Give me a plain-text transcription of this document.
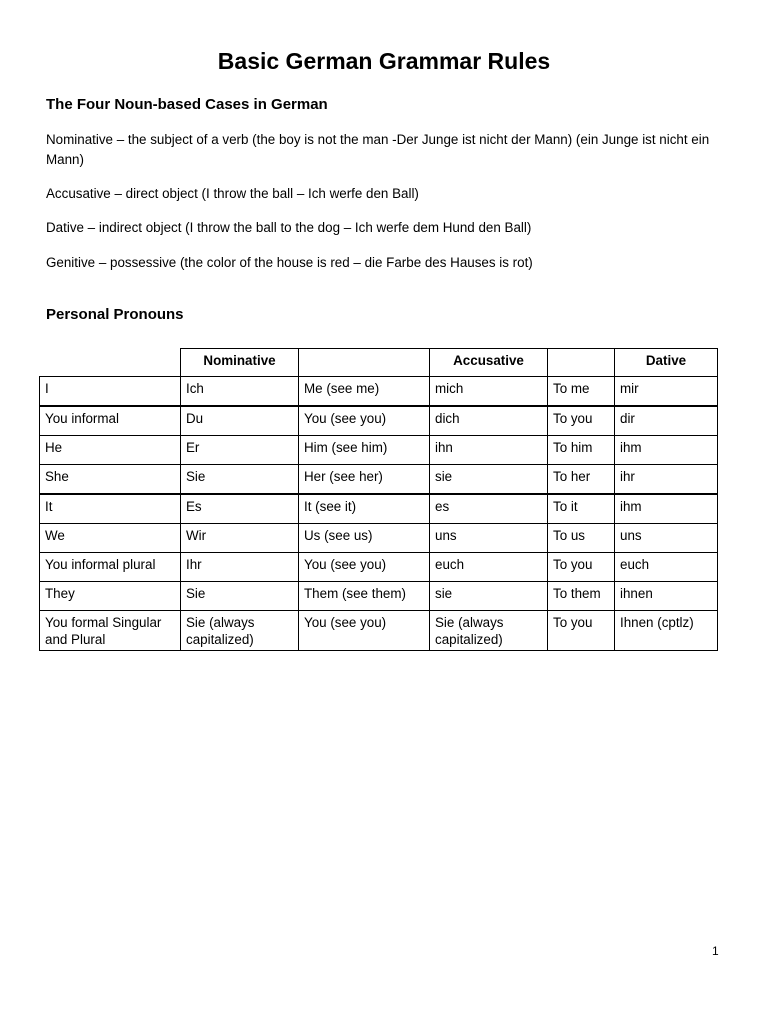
Basic German Grammar Rules
The Four Noun-based Cases in German
Nominative – the subject of a verb (the boy is not the man -Der Junge ist nicht der Mann) (ein Junge ist nicht ein Mann)
Accusative – direct object (I throw the ball – Ich werfe den Ball)
Dative – indirect object (I throw the ball to the dog – Ich werfe dem Hund den Ball)
Genitive – possessive (the color of the house is red – die Farbe des Hauses is rot)
Personal Pronouns
	Nominative		Accusative		Dative
I	Ich	Me (see me)	mich	To me	mir
You informal	Du	You (see you)	dich	To you	dir
He	Er	Him (see him)	ihn	To him	ihm
She	Sie	Her (see her)	sie	To her	ihr
It	Es	It (see it)	es	To it	ihm
We	Wir	Us (see us)	uns	To us	uns
You informal plural	Ihr	You (see you)	euch	To you	euch
They	Sie	Them (see them)	sie	To them	ihnen
You formal Singular and Plural	Sie (always capitalized)	You (see you)	Sie (always capitalized)	To you	Ihnen (cptlz)
1
